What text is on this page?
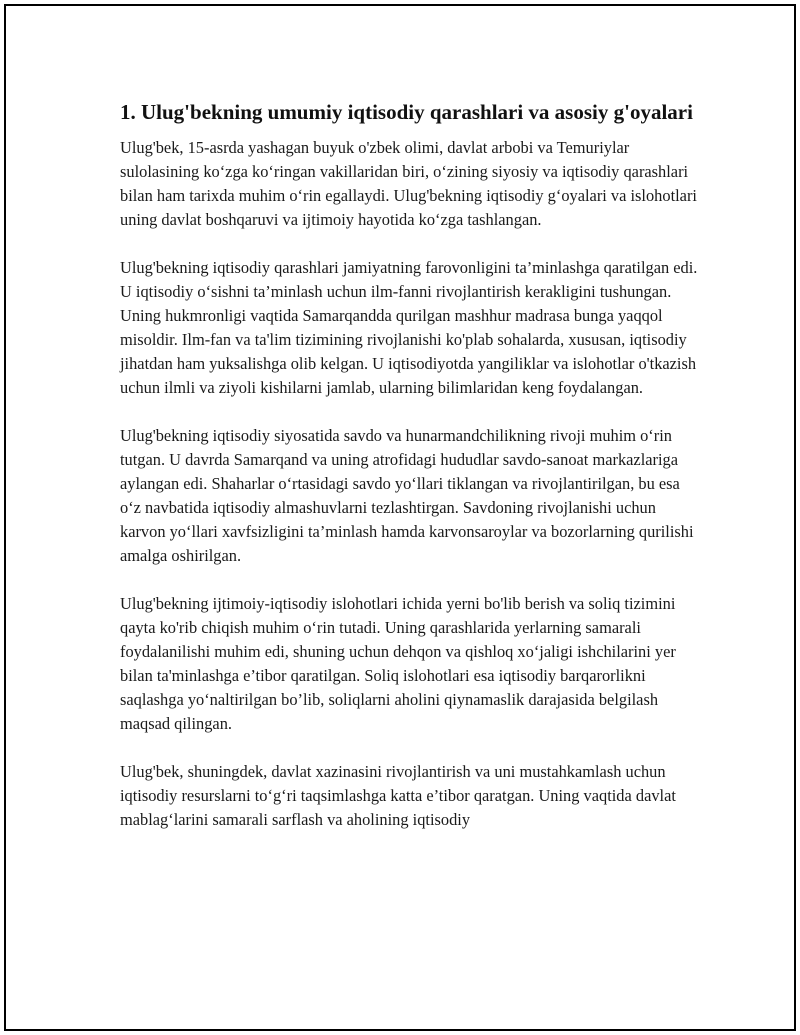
1. Ulug'bekning umumiy iqtisodiy qarashlari va asosiy g'oyalari

Ulug'bek, 15-asrda yashagan buyuk o'zbek olimi, davlat arbobi va Temuriylar sulolasining ko‘zga ko‘ringan vakillaridan biri, o‘zining siyosiy va iqtisodiy qarashlari bilan ham tarixda muhim o‘rin egallaydi. Ulug'bekning iqtisodiy g‘oyalari va islohotlari uning davlat boshqaruvi va ijtimoiy hayotida ko‘zga tashlangan.

Ulug'bekning iqtisodiy qarashlari jamiyatning farovonligini ta’minlashga qaratilgan edi. U iqtisodiy o‘sishni ta’minlash uchun ilm-fanni rivojlantirish kerakligini tushungan. Uning hukmronligi vaqtida Samarqandda qurilgan mashhur madrasa bunga yaqqol misoldir. Ilm-fan va ta'lim tizimining rivojlanishi ko'plab sohalarda, xususan, iqtisodiy jihatdan ham yuksalishga olib kelgan. U iqtisodiyotda yangiliklar va islohotlar o'tkazish uchun ilmli va ziyoli kishilarni jamlab, ularning bilimlaridan keng foydalangan.

Ulug'bekning iqtisodiy siyosatida savdo va hunarmandchilikning rivoji muhim o‘rin tutgan. U davrda Samarqand va uning atrofidagi hududlar savdo-sanoat markazlariga aylangan edi. Shaharlar o‘rtasidagi savdo yo‘llari tiklangan va rivojlantirilgan, bu esa o‘z navbatida iqtisodiy almashuvlarni tezlashtirgan. Savdoning rivojlanishi uchun karvon yo‘llari xavfsizligini ta’minlash hamda karvonsaroylar va bozorlarning qurilishi amalga oshirilgan.

Ulug'bekning ijtimoiy-iqtisodiy islohotlari ichida yerni bo'lib berish va soliq tizimini qayta ko'rib chiqish muhim o‘rin tutadi. Uning qarashlarida yerlarning samarali foydalanilishi muhim edi, shuning uchun dehqon va qishloq xo‘jaligi ishchilarini yer bilan ta'minlashga e’tibor qaratilgan. Soliq islohotlari esa iqtisodiy barqarorlikni saqlashga yo‘naltirilgan bo’lib, soliqlarni aholini qiynamaslik darajasida belgilash maqsad qilingan.

Ulug'bek, shuningdek, davlat xazinasini rivojlantirish va uni mustahkamlash uchun iqtisodiy resurslarni to‘g‘ri taqsimlashga katta e’tibor qaratgan. Uning vaqtida davlat mablag‘larini samarali sarflash va aholining iqtisodiy
